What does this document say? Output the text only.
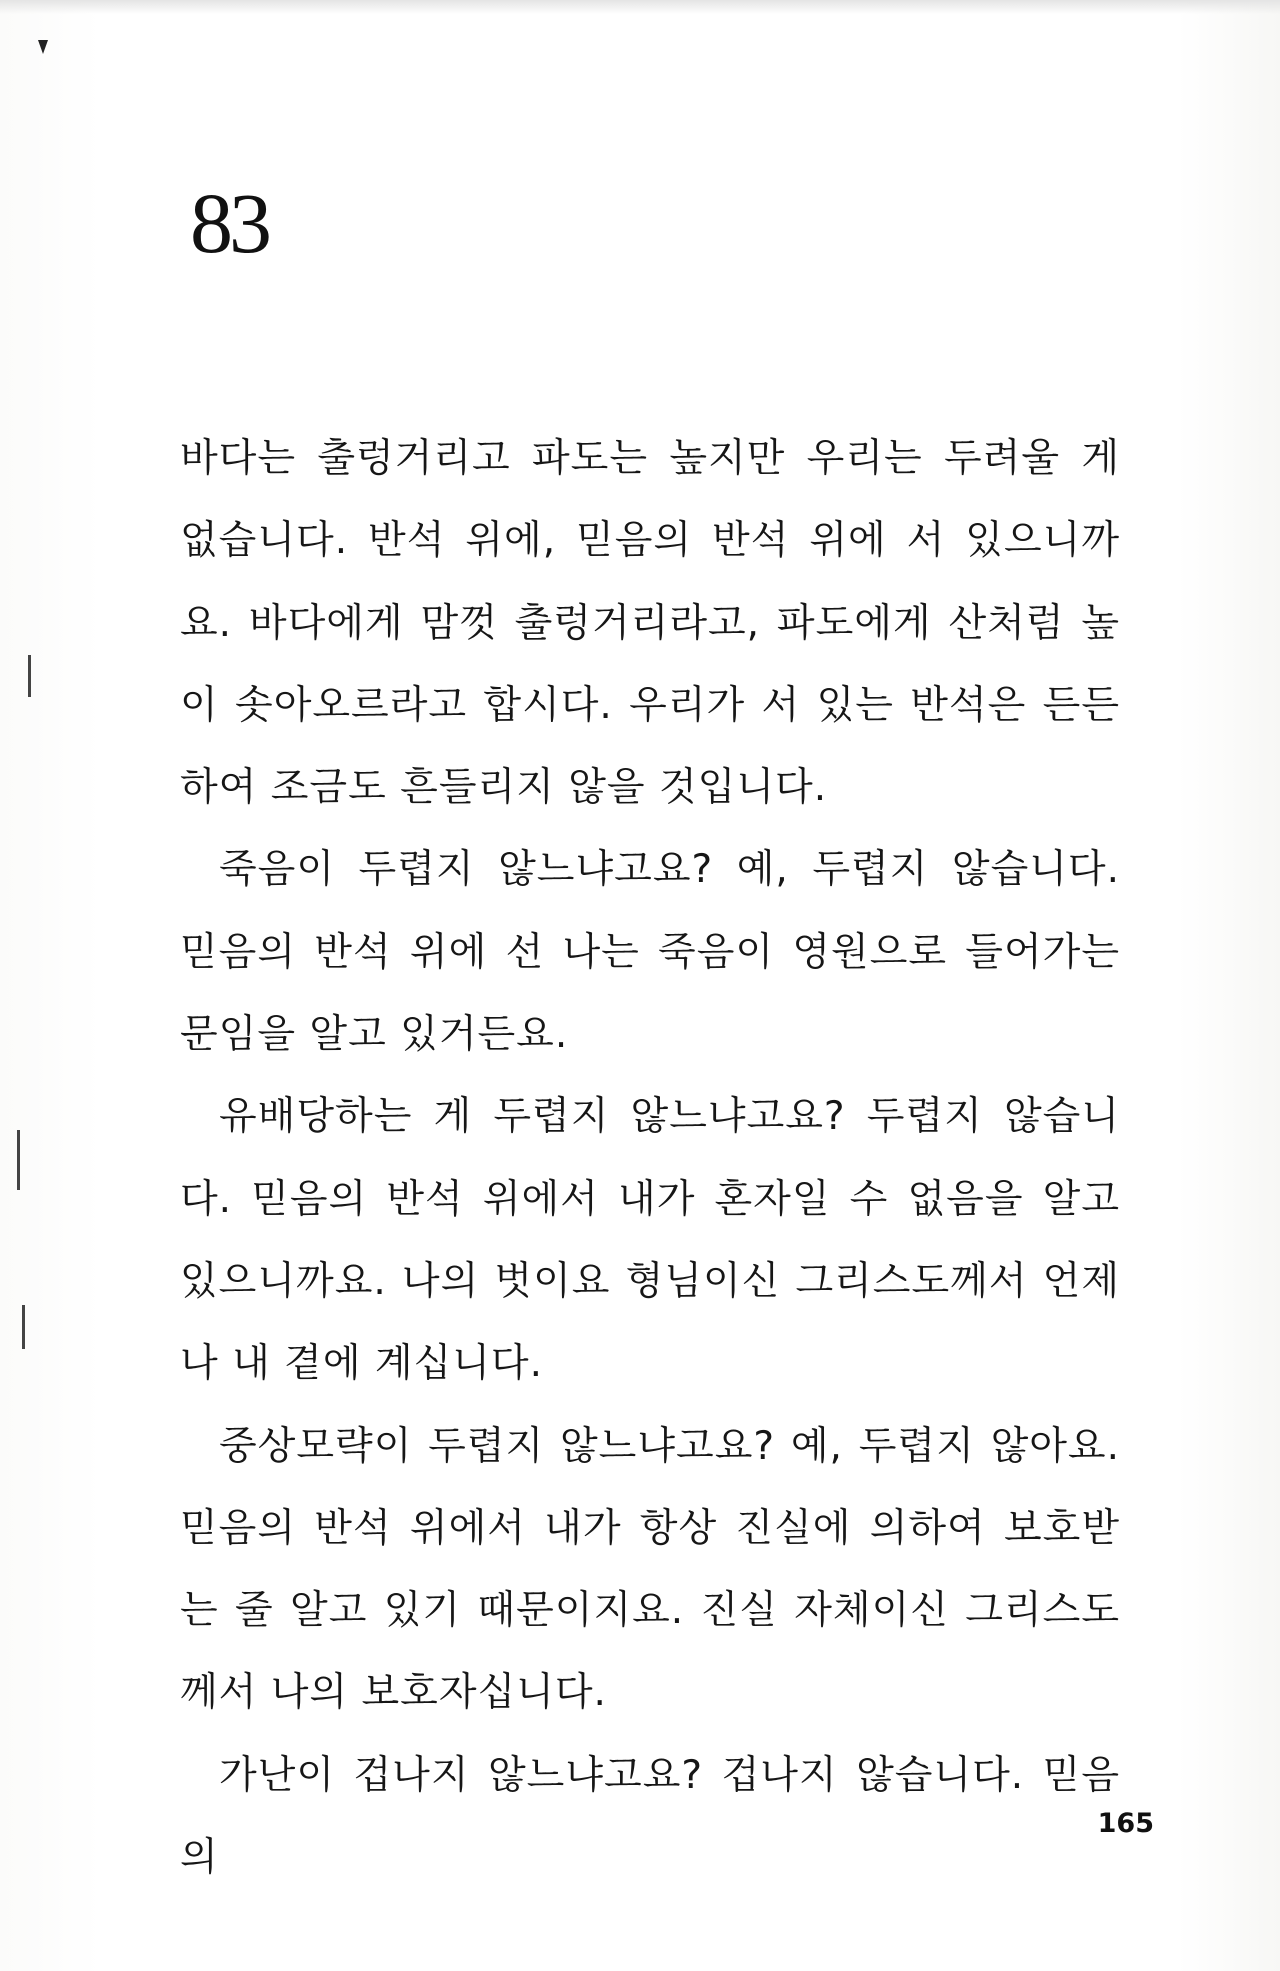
83

바다는 출렁거리고 파도는 높지만 우리는 두려울 게 없습니다. 반석 위에, 믿음의 반석 위에 서 있으니까요. 바다에게 맘껏 출렁거리라고, 파도에게 산처럼 높이 솟아오르라고 합시다. 우리가 서 있는 반석은 든든하여 조금도 흔들리지 않을 것입니다.

죽음이 두렵지 않느냐고요? 예, 두렵지 않습니다. 믿음의 반석 위에 선 나는 죽음이 영원으로 들어가는 문임을 알고 있거든요.

유배당하는 게 두렵지 않느냐고요? 두렵지 않습니다. 믿음의 반석 위에서 내가 혼자일 수 없음을 알고 있으니까요. 나의 벗이요 형님이신 그리스도께서 언제나 내 곁에 계십니다.

중상모략이 두렵지 않느냐고요? 예, 두렵지 않아요. 믿음의 반석 위에서 내가 항상 진실에 의하여 보호받는 줄 알고 있기 때문이지요. 진실 자체이신 그리스도께서 나의 보호자십니다.

가난이 겁나지 않느냐고요? 겁나지 않습니다. 믿음의

165
